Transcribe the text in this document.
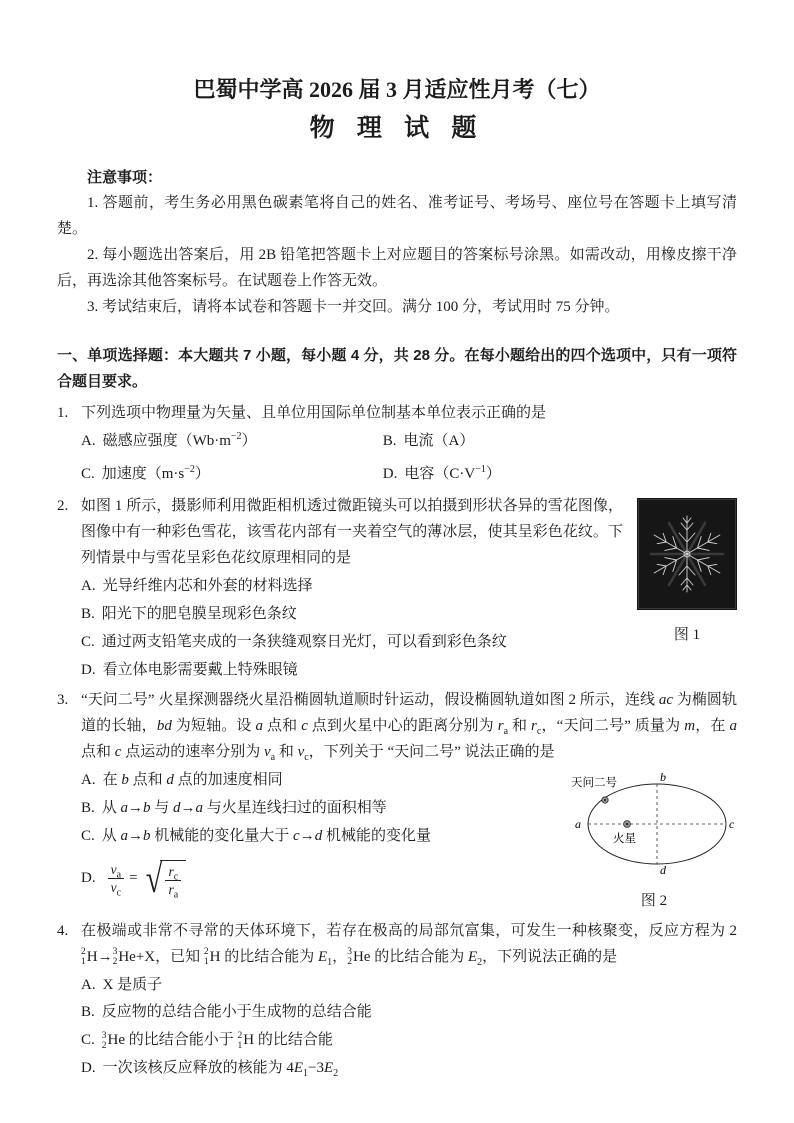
巴蜀中学高 2026 届 3 月适应性月考（七）
物 理 试 题

注意事项：

1. 答题前，考生务必用黑色碳素笔将自己的姓名、准考证号、考场号、座位号在答题卡上填写清楚。

2. 每小题选出答案后，用 2B 铅笔把答题卡上对应题目的答案标号涂黑。如需改动，用橡皮擦干净后，再选涂其他答案标号。在试题卷上作答无效。

3. 考试结束后，请将本试卷和答题卡一并交回。满分 100 分，考试用时 75 分钟。

一、单项选择题：本大题共 7 小题，每小题 4 分，共 28 分。在每小题给出的四个选项中，只有一项符合题目要求。

1. 下列选项中物理量为矢量、且单位用国际单位制基本单位表示正确的是

A. 磁感应强度$(Wb\cdot m^{-2})$	B. 电流（A）
C. 加速度$(m\cdot s^{-2})$	D. 电容$(C\cdot V^{-1})$
图 1

2. 如图 1 所示，摄影师利用微距相机透过微距镜头可以拍摄到形状各异的雪花图像，图像中有一种彩色雪花，该雪花内部有一夹着空气的薄冰层，使其呈彩色花纹。下列情景中与雪花呈彩色花纹原理相同的是

A. 光导纤维内芯和外套的材料选择
B. 阳光下的肥皂膜呈现彩色条纹
C. 通过两支铅笔夹成的一条狭缝观察日光灯，可以看到彩色条纹
D. 看立体电影需要戴上特殊眼镜

3. “天问二号” 火星探测器绕火星沿椭圆轨道顺时针运动，假设椭圆轨道如图 2 所示，连线 ac 为椭圆轨道的长轴，bd 为短轴。设 a 点和 c 点到火星中心的距离分别为 $r_a$ 和 $r_c$，“天问二号” 质量为 m，在 a 点和 c 点运动的速率分别为 $v_a$ 和 $v_c$，下列关于 “天问二号” 说法正确的是

a
b
c
d
天问二号
火星
图 2
A. 在 b 点和 d 点的加速度相同
B. 从 a→b 与 d→a 与火星连线扫过的面积相等
C. 从 a→b 机械能的变化量大于 c→d 机械能的变化量
D. $\frac{v_a}{v_c}$ = √
$\frac{r_c}{r_a}$

4. 在极端或非常不寻常的天体环境下，若存在极高的局部氘富集，可发生一种核聚变，反应方程为 2
2
1 H→ 3
2 He+X，已知 2
1 H 的比结合能为 $E_1$， 3
2 He 的比结合能为 $E_2$，下列说法正确的是

A. X 是质子
B. 反应物的总结合能小于生成物的总结合能
C. 3
2 He 的比结合能小于 2
1 H 的比结合能
D. 一次该核反应释放的核能为 $4E_1-3E_2$
